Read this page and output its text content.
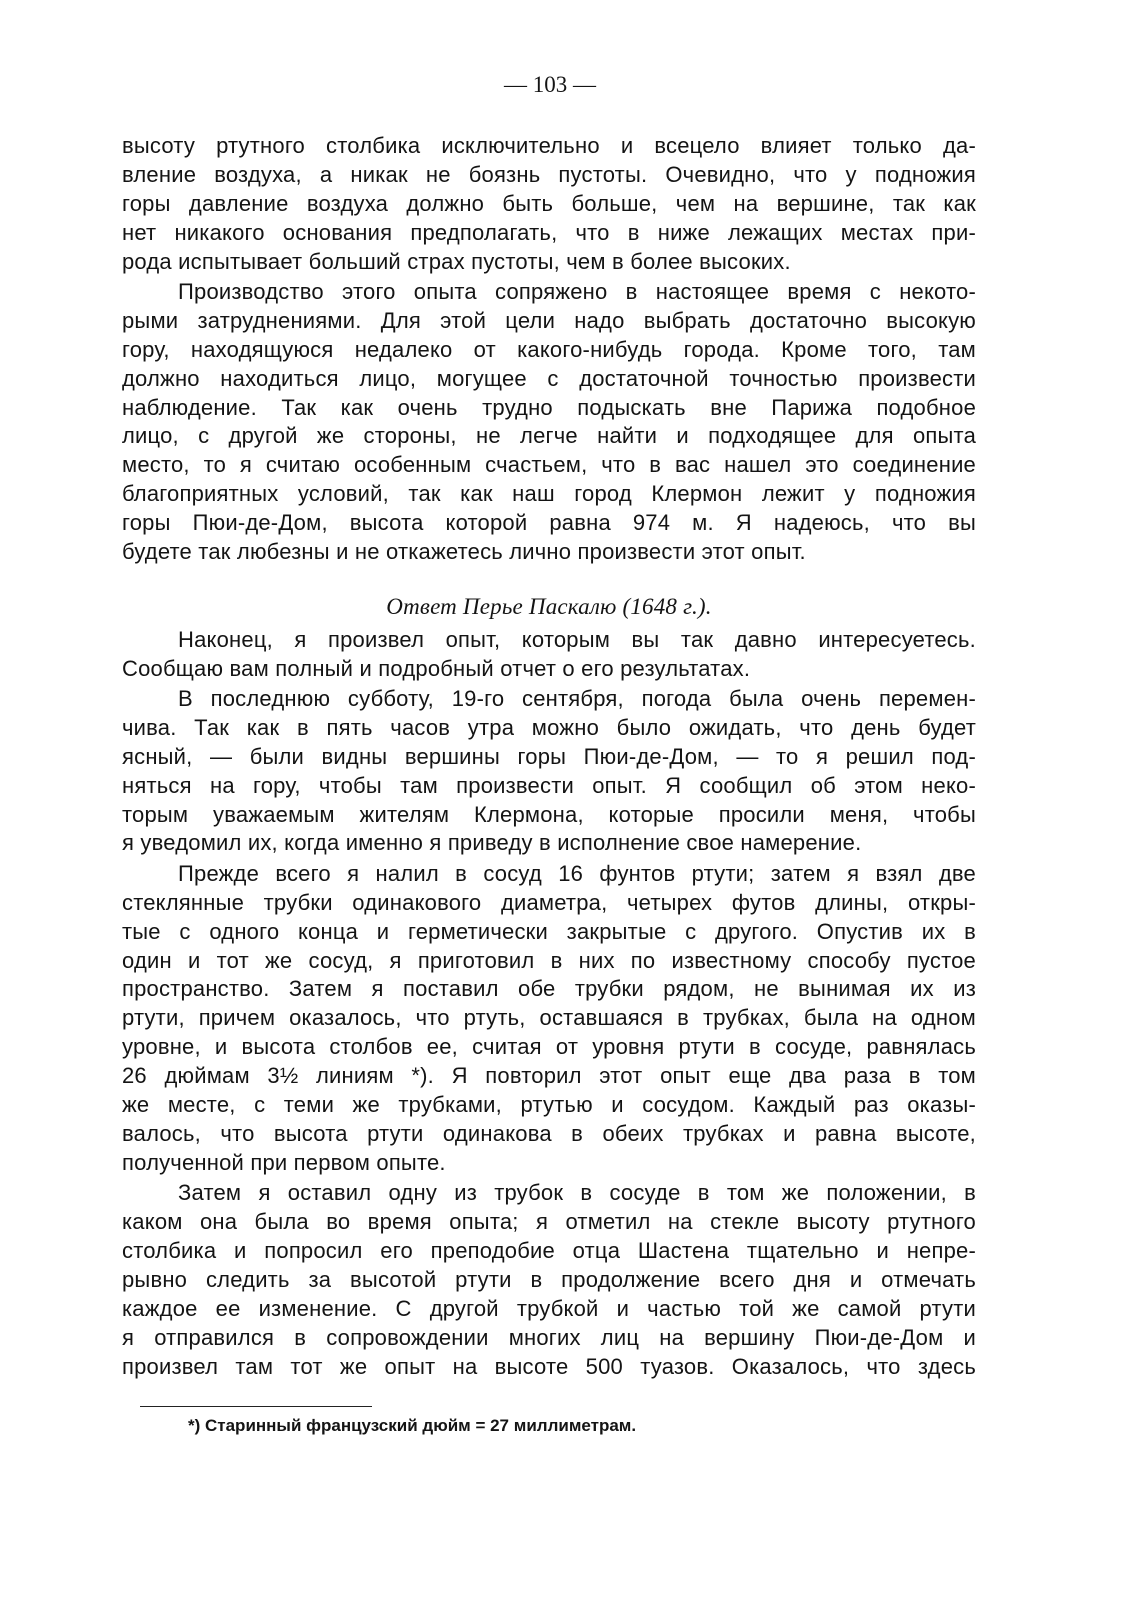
— 103 —
высоту ртутного столбика исключительно и всецело влияет только да-
вление воздуха, а никак не боязнь пустоты. Очевидно, что у подножия
горы давление воздуха должно быть больше, чем на вершине, так как
нет никакого основания предполагать, что в ниже лежащих местах при-
рода испытывает больший страх пустоты, чем в более высоких.
Производство этого опыта сопряжено в настоящее время с некото-
рыми затруднениями. Для этой цели надо выбрать достаточно высокую
гору, находящуюся недалеко от какого-нибудь города. Кроме того, там
должно находиться лицо, могущее с достаточной точностью произвести
наблюдение. Так как очень трудно подыскать вне Парижа подобное
лицо, с другой же стороны, не легче найти и подходящее для опыта
место, то я считаю особенным счастьем, что в вас нашел это соединение
благоприятных условий, так как наш город Клермон лежит у подножия
горы Пюи-де-Дом, высота которой равна 974 м. Я надеюсь, что вы
будете так любезны и не откажетесь лично произвести этот опыт.
Ответ Перье Паскалю (1648 г.).
Наконец, я произвел опыт, которым вы так давно интересуетесь.
Сообщаю вам полный и подробный отчет о его результатах.
В последнюю субботу, 19-го сентября, погода была очень перемен-
чива. Так как в пять часов утра можно было ожидать, что день будет
ясный, — были видны вершины горы Пюи-де-Дом, — то я решил под-
няться на гору, чтобы там произвести опыт. Я сообщил об этом неко-
торым уважаемым жителям Клермона, которые просили меня, чтобы
я уведомил их, когда именно я приведу в исполнение свое намерение.
Прежде всего я налил в сосуд 16 фунтов ртути; затем я взял две
стеклянные трубки одинакового диаметра, четырех футов длины, откры-
тые с одного конца и герметически закрытые с другого. Опустив их в
один и тот же сосуд, я приготовил в них по известному способу пустое
пространство. Затем я поставил обе трубки рядом, не вынимая их из
ртути, причем оказалось, что ртуть, оставшаяся в трубках, была на одном
уровне, и высота столбов ее, считая от уровня ртути в сосуде, равнялась
26 дюймам 3½ линиям *). Я повторил этот опыт еще два раза в том
же месте, с теми же трубками, ртутью и сосудом. Каждый раз оказы-
валось, что высота ртути одинакова в обеих трубках и равна высоте,
полученной при первом опыте.
Затем я оставил одну из трубок в сосуде в том же положении, в
каком она была во время опыта; я отметил на стекле высоту ртутного
столбика и попросил его преподобие отца Шастена тщательно и непре-
рывно следить за высотой ртути в продолжение всего дня и отмечать
каждое ее изменение. С другой трубкой и частью той же самой ртути
я отправился в сопровождении многих лиц на вершину Пюи-де-Дом и
произвел там тот же опыт на высоте 500 туазов. Оказалось, что здесь
*) Старинный французский дюйм = 27 миллиметрам.
